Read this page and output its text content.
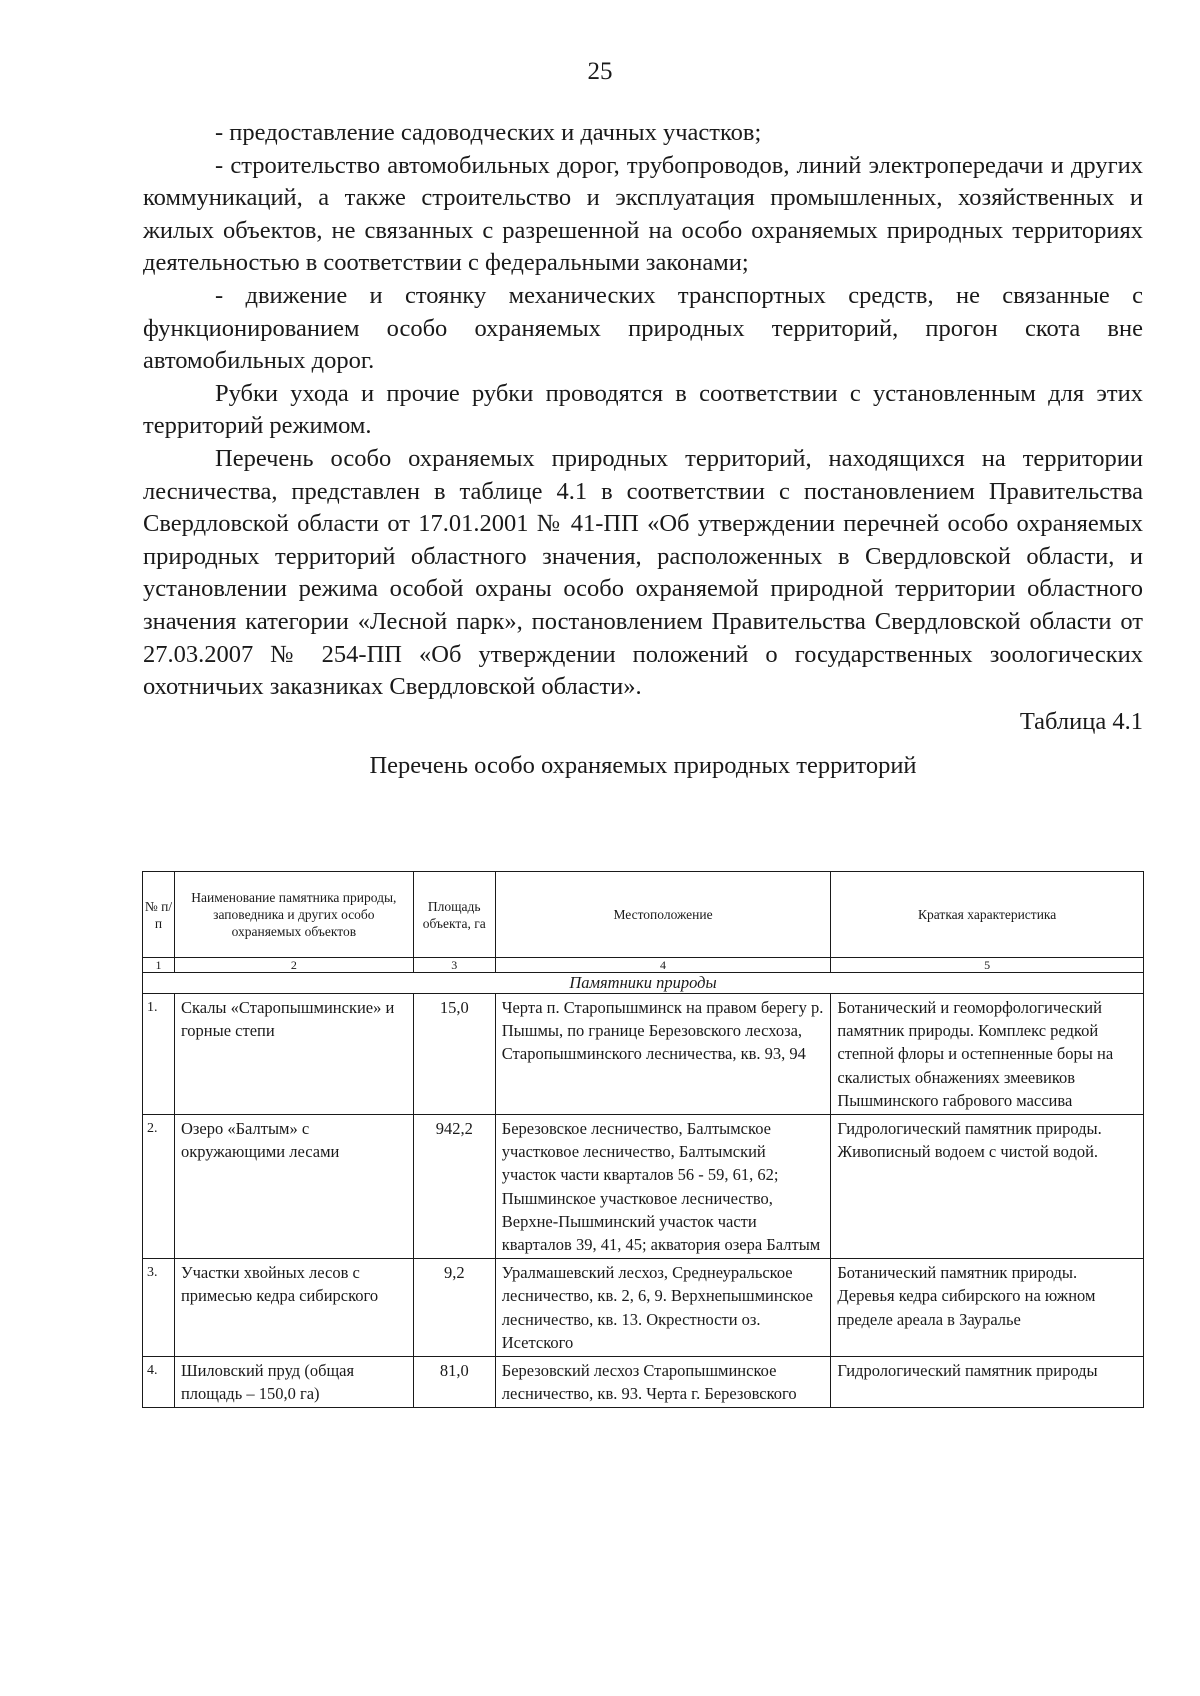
25

- предоставление садоводческих и дачных участков;

- строительство автомобильных дорог, трубопроводов, линий электропередачи и других коммуникаций, а также строительство и эксплуатация промышленных, хозяйственных и жилых объектов, не связанных с разрешенной на особо охраняемых природных территориях деятельностью в соответствии с федеральными законами;

- движение и стоянку механических транспортных средств, не связанные с функционированием особо охраняемых природных территорий, прогон скота вне автомобильных дорог.

Рубки ухода и прочие рубки проводятся в соответствии с установленным для этих территорий режимом.

Перечень особо охраняемых природных территорий, находящихся на территории лесничества, представлен в таблице 4.1 в соответствии с постановлением Правительства Свердловской области от 17.01.2001 № 41-ПП «Об утверждении перечней особо охраняемых природных территорий областного значения, расположенных в Свердловской области, и установлении режима особой охраны особо охраняемой природной территории областного значения категории «Лесной парк», постановлением Правительства Свердловской области от 27.03.2007 № 254-ПП «Об утверждении положений о государственных зоологических охотничьих заказниках Свердловской области».

Таблица 4.1

Перечень особо охраняемых природных территорий

№ п/п	Наименование памятника природы, заповедника и других особо охраняемых объектов	Площадь объекта, га	Местоположение	Краткая характеристика
1	2	3	4	5
Памятники природы				
1.	Скалы «Старопышминские» и горные степи	15,0	Черта п. Старопышминск на правом берегу р. Пышмы, по границе Березовского лесхоза, Старопышминского лесничества, кв. 93, 94	Ботанический и геоморфологический памятник природы. Комплекс редкой степной флоры и остепненные боры на скалистых обнажениях змеевиков Пышминского габрового массива
2.	Озеро «Балтым» с окружающими лесами	942,2	Березовское лесничество, Балтымское участковое лесничество, Балтымский участок части кварталов 56 - 59, 61, 62; Пышминское участковое лесничество, Верхне-Пышминский участок части кварталов 39, 41, 45; акватория озера Балтым	Гидрологический памятник природы. Живописный водоем с чистой водой.
3.	Участки хвойных лесов с примесью кедра сибирского	9,2	Уралмашевский лесхоз, Среднеуральское лесничество, кв. 2, 6, 9. Верхнепышминское лесничество, кв. 13. Окрестности оз. Исетского	Ботанический памятник природы. Деревья кедра сибирского на южном пределе ареала в Зауралье
4.	Шиловский пруд (общая площадь – 150,0 га)	81,0	Березовский лесхоз Старопышминское лесничество, кв. 93. Черта г. Березовского	Гидрологический памятник природы
